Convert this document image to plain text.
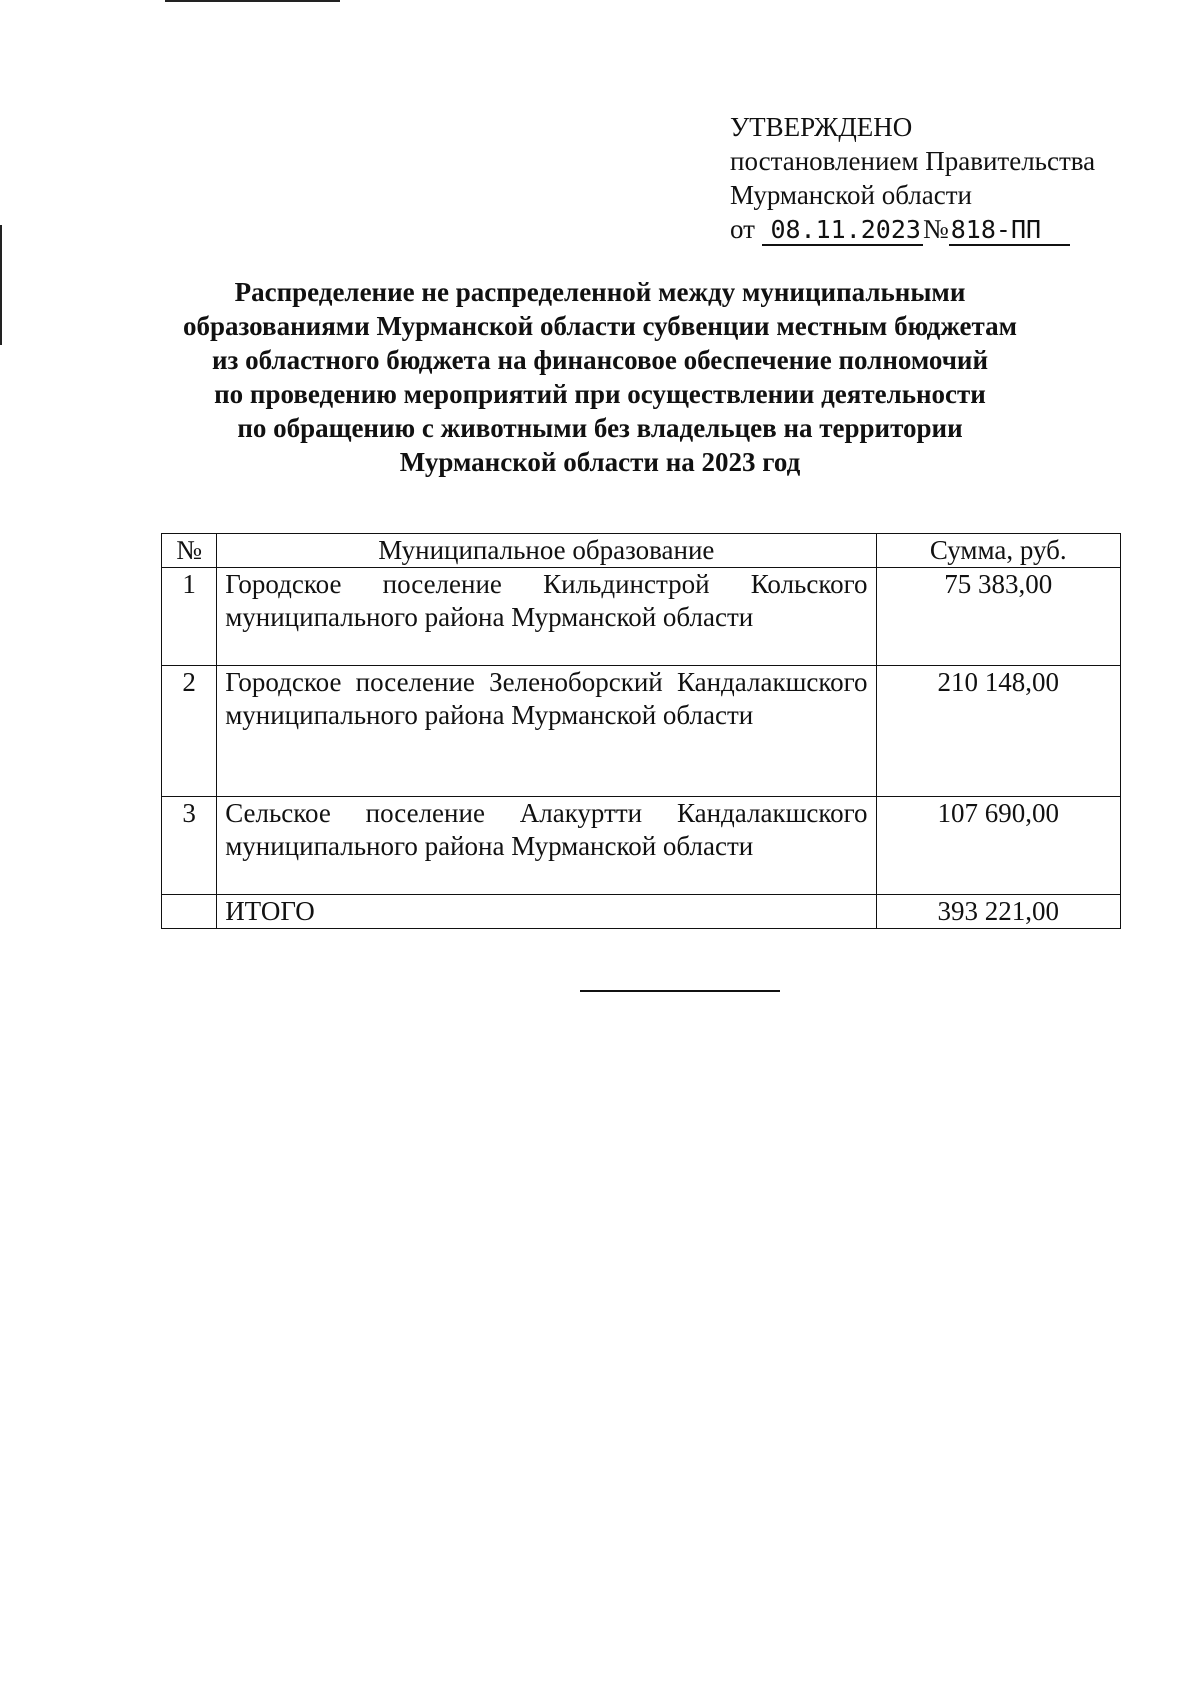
УТВЕРЖДЕНО
постановлением Правительства
Мурманской области
от 08.11.2023№818-ПП
Распределение не распределенной между муниципальными
образованиями Мурманской области субвенции местным бюджетам
из областного бюджета на финансовое обеспечение полномочий
по проведению мероприятий при осуществлении деятельности
по обращению с животными без владельцев на территории
Мурманской области на 2023 год
№	Муниципальное образование	Сумма, руб.
1	Городское поселение Кильдинстрой Кольского муниципального района Мурманской области	75 383,00
2	Городское поселение Зеленоборский Кандалакшского муниципального района Мурманской области	210 148,00
3	Сельское поселение Алакуртти Кандалакшского муниципального района Мурманской области	107 690,00
	ИТОГО	393 221,00
